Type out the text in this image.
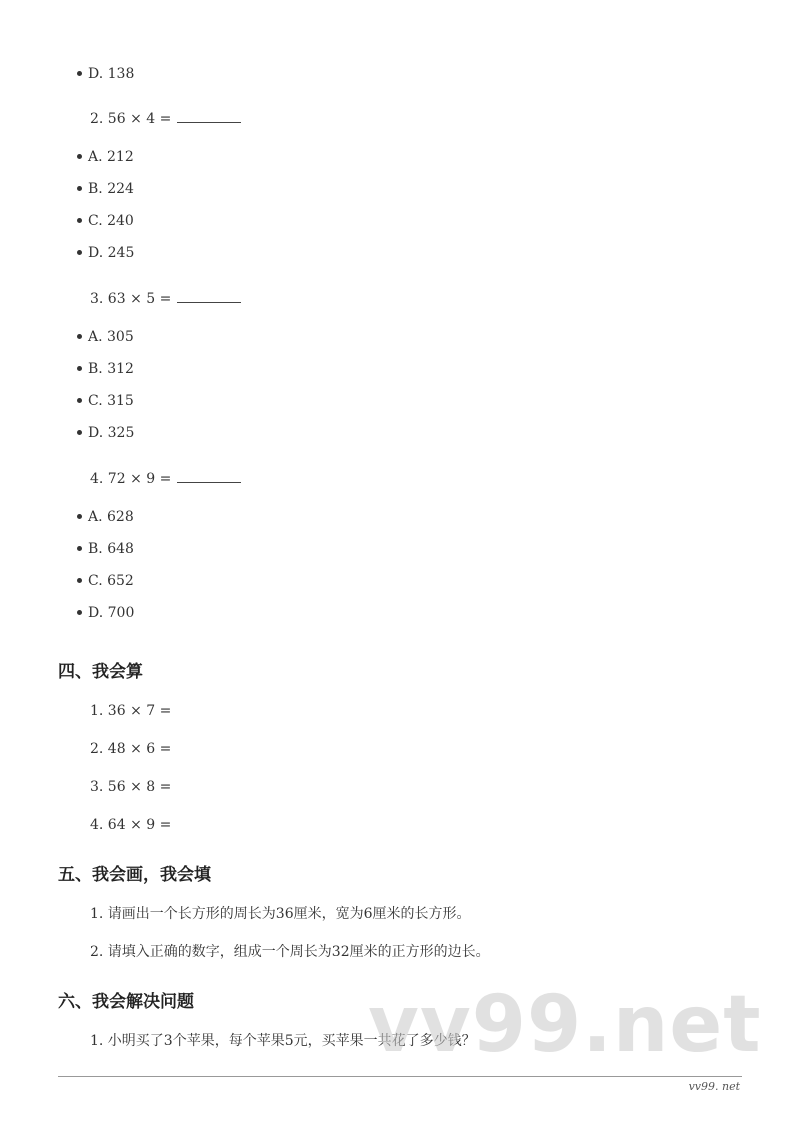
D. 138
2. 56 × 4 =
A. 212
B. 224
C. 240
D. 245
3. 63 × 5 =
A. 305
B. 312
C. 315
D. 325
4. 72 × 9 =
A. 628
B. 648
C. 652
D. 700
四、我会算
1. 36 × 7 =
2. 48 × 6 =
3. 56 × 8 =
4. 64 × 9 =
五、我会画，我会填
1. 请画出一个长方形的周长为36厘米，宽为6厘米的长方形。
2. 请填入正确的数字，组成一个周长为32厘米的正方形的边长。
六、我会解决问题
1. 小明买了3个苹果，每个苹果5元，买苹果一共花了多少钱？
vv99.net
vv99. net
